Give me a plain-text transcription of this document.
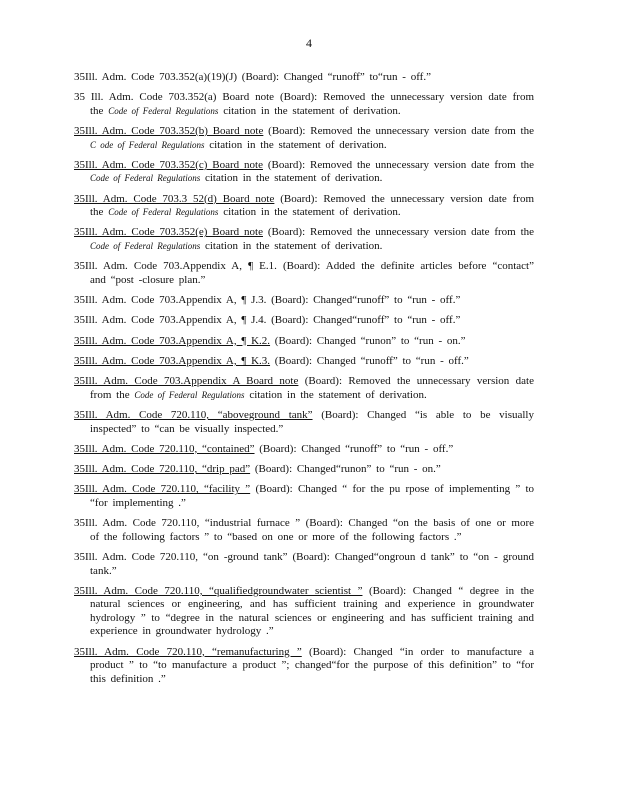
4
35Ill. Adm. Code 703.352(a)(19)(J) (Board): Changed “runoff” to“run - off.”
35 Ill. Adm. Code 703.352(a) Board note (Board): Removed the unnecessary version date from the Code of Federal Regulations citation in the statement of derivation.
35Ill. Adm. Code 703.352(b) Board note (Board): Removed the unnecessary version date from the C ode of Federal Regulations citation in the statement of derivation.
35Ill. Adm. Code 703.352(c) Board note (Board): Removed the unnecessary version date from the Code of Federal Regulations citation in the statement of derivation.
35Ill. Adm. Code 703.3 52(d) Board note (Board): Removed the unnecessary version date from the Code of Federal Regulations citation in the statement of derivation.
35Ill. Adm. Code 703.352(e) Board note (Board): Removed the unnecessary version date from the Code of Federal Regulations citation in the statement of derivation.
35Ill. Adm. Code 703.Appendix A, ¶ E.1. (Board): Added the definite articles before “contact” and “post -closure plan.”
35Ill. Adm. Code 703.Appendix A, ¶ J.3. (Board): Changed“runoff” to “run - off.”
35Ill. Adm. Code 703.Appendix A, ¶ J.4. (Board): Changed“runoff” to “run - off.”
35Ill. Adm. Code 703.Appendix A, ¶ K.2. (Board): Changed “runon” to “run - on.”
35Ill. Adm. Code 703.Appendix A, ¶ K.3. (Board): Changed “runoff” to “run - off.”
35Ill. Adm. Code 703.Appendix A Board note (Board): Removed the unnecessary version date from the Code of Federal Regulations citation in the statement of derivation.
35Ill. Adm. Code 720.110, “aboveground tank” (Board): Changed “is able to be visually inspected” to “can be visually inspected.”
35Ill. Adm. Code 720.110, “contained” (Board): Changed “runoff” to “run - off.”
35Ill. Adm. Code 720.110, “drip pad” (Board): Changed“runon” to “run - on.”
35Ill. Adm. Code 720.110, “facility ” (Board): Changed “ for the pu rpose of implementing ” to “for implementing .”
35Ill. Adm. Code 720.110, “industrial furnace ” (Board): Changed “on the basis of one or more of the following factors ” to “based on one or more of the following factors .”
35Ill. Adm. Code 720.110, “on -ground tank” (Board): Changed“ongroun d tank” to “on - ground tank.”
35Ill. Adm. Code 720.110, “qualifiedgroundwater scientist ” (Board): Changed “ degree in the natural sciences or engineering, and has sufficient training and experience in groundwater hydrology ” to “degree in the natural sciences or engineering and has sufficient training and experience in groundwater hydrology .”
35Ill. Adm. Code 720.110, “remanufacturing ” (Board): Changed “in order to manufacture a product ” to “to manufacture a product ”; changed“for the purpose of this definition” to “for this definition .”
